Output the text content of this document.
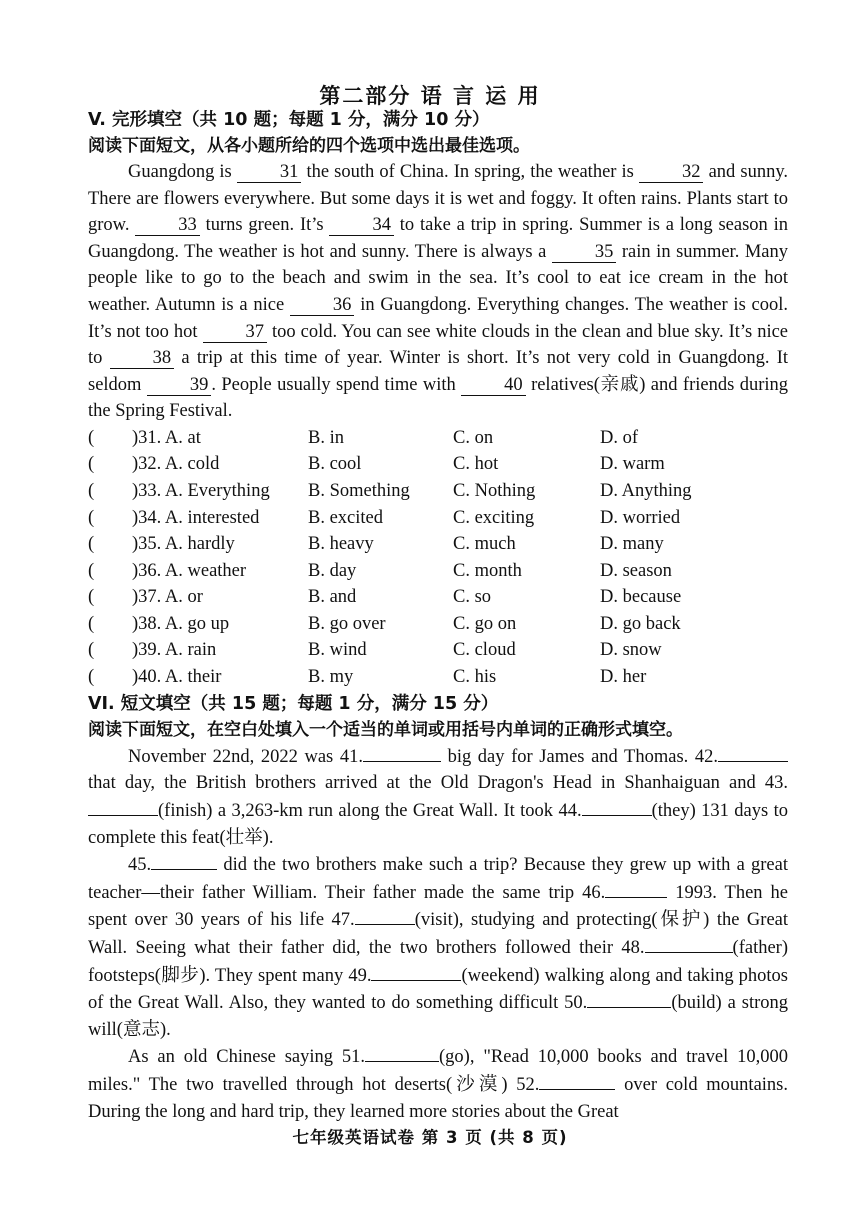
第二部分 语 言 运 用
V. 完形填空（共 10 题；每题 1 分，满分 10 分）
阅读下面短文，从各小题所给的四个选项中选出最佳选项。

Guangdong is	31 the south of China. In spring, the weather is	32 and sunny. There are flowers everywhere. But some days it is wet and foggy. It often rains. Plants start to grow.	33 turns green. It’s	34 to take a trip in spring. Summer is a long season in Guangdong. The weather is hot and sunny. There is always a	35 rain in summer. Many people like to go to the beach and swim in the sea. It’s cool to eat ice cream in the hot weather. Autumn is a nice	36 in Guangdong. Everything changes. The weather is cool. It’s not too hot	37 too cold. You can see white clouds in the clean and blue sky. It’s nice to	38 a trip at this time of year. Winter is short. It’s not very cold in Guangdong. It seldom	39 . People usually spend time with	40 relatives(亲戚) and friends during the Spring Festival.

( )31. A. at	B. in	C. on	D. of
( )32. A. cold	B. cool	C. hot	D. warm
( )33. A. Everything	B. Something	C. Nothing	D. Anything
( )34. A. interested	B. excited	C. exciting	D. worried
( )35. A. hardly	B. heavy	C. much	D. many
( )36. A. weather	B. day	C. month	D. season
( )37. A. or	B. and	C. so	D. because
( )38. A. go up	B. go over	C. go on	D. go back
( )39. A. rain	B. wind	C. cloud	D. snow
( )40. A. their	B. my	C. his	D. her
VI. 短文填空（共 15 题；每题 1 分，满分 15 分）
阅读下面短文，在空白处填入一个适当的单词或用括号内单词的正确形式填空。

November 22nd, 2022 was 41.	big day for James and Thomas. 42. that day, the British brothers arrived at the Old Dragon's Head in Shanhaiguan and 43.(finish) a 3,263-km run along the Great Wall. It took 44.	(they) 131 days to complete this feat(壮举).

45.	did the two brothers make such a trip? Because they grew up with a great teacher—their father William. Their father made the same trip 46.	1993. Then he spent over 30 years of his life 47.	(visit), studying and protecting(保护) the Great Wall. Seeing what their father did, the two brothers followed their 48.	(father) footsteps(脚步). They spent many 49.	(weekend) walking along and taking photos of the Great Wall. Also, they wanted to do something difficult 50.	(build) a strong will(意志).

As an old Chinese saying 51.	(go), "Read 10,000 books and travel 10,000 miles." The two travelled through hot deserts(沙漠) 52.	over cold mountains. During the long and hard trip, they learned more stories about the Great

七年级英语试卷 第 3 页 (共 8 页)
